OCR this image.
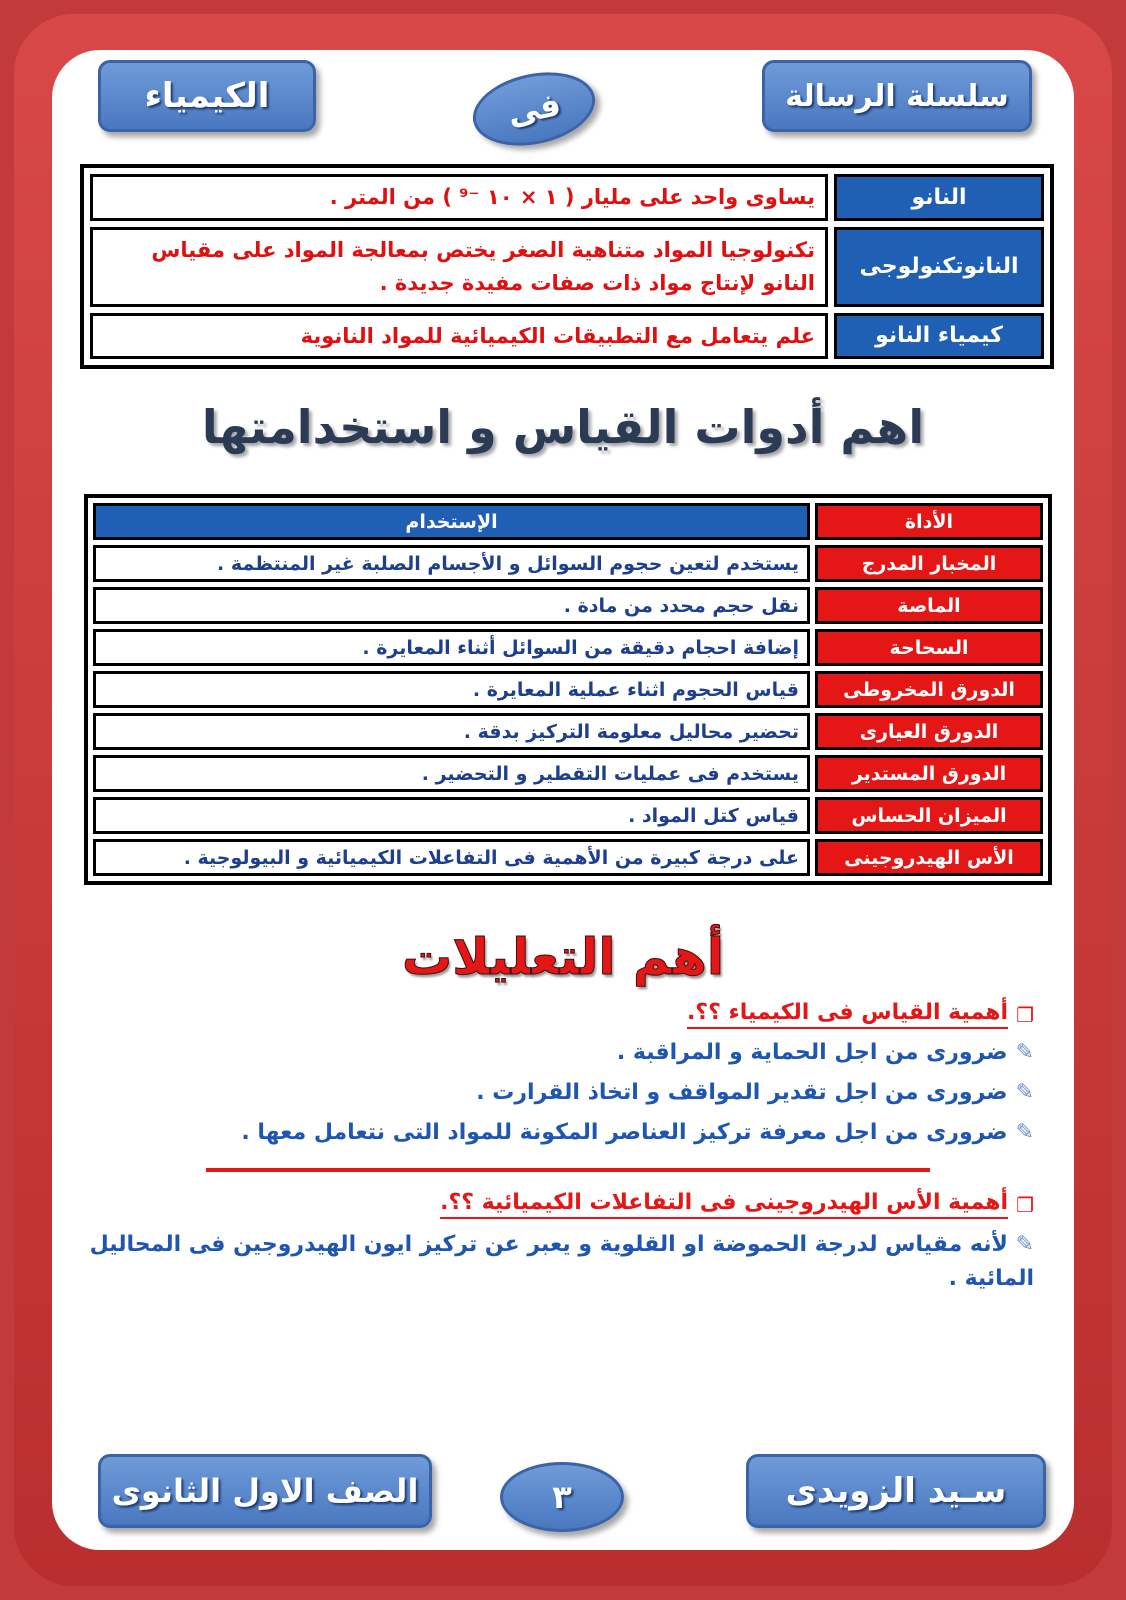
الكيمياء	فى	سلسلة الرسالة
النانو	يساوى واحد على مليار ( ١ × ١٠ ⁻⁹ ) من المتر .
النانوتكنولوجى	تكنولوجيا المواد متناهية الصغر يختص بمعالجة المواد على مقياس النانو لإنتاج مواد ذات صفات مفيدة جديدة .
كيمياء النانو	علم يتعامل مع التطبيقات الكيميائية للمواد النانوية
اهم أدوات القياس و استخدامتها
الأداة	الإستخدام
المخبار المدرج	يستخدم لتعين حجوم السوائل و الأجسام الصلبة غير المنتظمة .
الماصة	نقل حجم محدد من مادة .
السحاحة	إضافة احجام دقيقة من السوائل أثناء المعايرة .
الدورق المخروطى	قياس الحجوم اثناء عملية المعايرة .
الدورق العيارى	تحضير محاليل معلومة التركيز بدقة .
الدورق المستدير	يستخدم فى عمليات التقطير و التحضير .
الميزان الحساس	قياس كتل المواد .
الأس الهيدروجينى	على درجة كبيرة من الأهمية فى التفاعلات الكيميائية و البيولوجية .
أهم التعليلات
❐
أهمية القياس فى الكيمياء ؟؟.
✎
ضرورى من اجل الحماية و المراقبة .
✎
ضرورى من اجل تقدير المواقف و اتخاذ القرارت .
✎
ضرورى من اجل معرفة تركيز العناصر المكونة للمواد التى نتعامل معها .
❐
أهمية الأس الهيدروجينى فى التفاعلات الكيميائية ؟؟.
✎ لأنه مقياس لدرجة الحموضة او القلوية و يعبر عن تركيز ايون الهيدروجين فى المحاليل المائية .
الصف الاول الثانوى	٣	سـيد الزويدى
